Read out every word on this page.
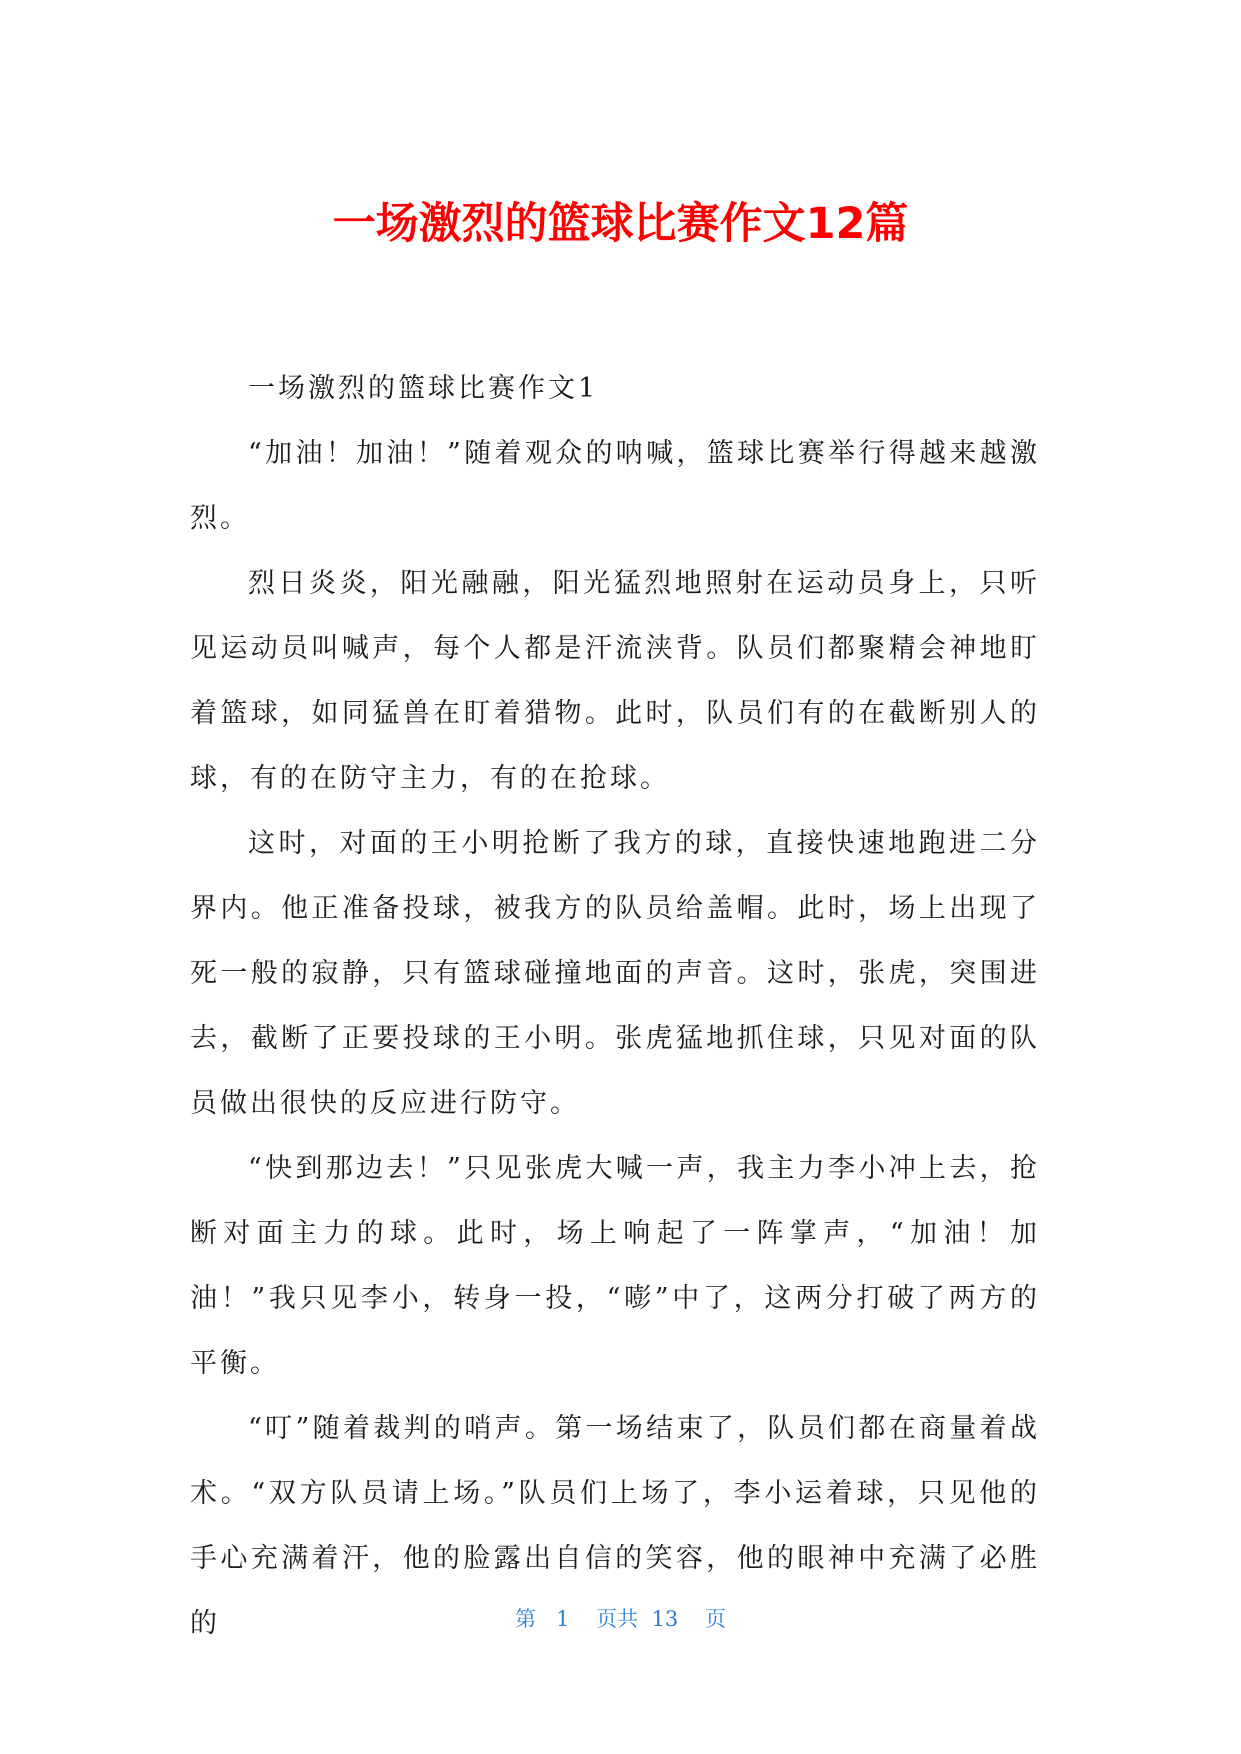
一场激烈的篮球比赛作文12篇

一场激烈的篮球比赛作文1

“加油！加油！”随着观众的呐喊，篮球比赛举行得越来越激烈。

烈日炎炎，阳光融融，阳光猛烈地照射在运动员身上，只听见运动员叫喊声，每个人都是汗流浃背。队员们都聚精会神地盯着篮球，如同猛兽在盯着猎物。此时，队员们有的在截断别人的球，有的在防守主力，有的在抢球。

这时，对面的王小明抢断了我方的球，直接快速地跑进二分界内。他正准备投球，被我方的队员给盖帽。此时，场上出现了死一般的寂静，只有篮球碰撞地面的声音。这时，张虎，突围进去，截断了正要投球的王小明。张虎猛地抓住球，只见对面的队员做出很快的反应进行防守。

“快到那边去！”只见张虎大喊一声，我主力李小冲上去，抢断对面主力的球。此时，场上响起了一阵掌声，“加油！加油！”我只见李小，转身一投，“嘭”中了，这两分打破了两方的平衡。

“叮”随着裁判的哨声。第一场结束了，队员们都在商量着战术。“双方队员请上场。”队员们上场了，李小运着球，只见他的手心充满着汗，他的脸露出自信的笑容，他的眼神中充满了必胜的	第 1 页共 13 页
